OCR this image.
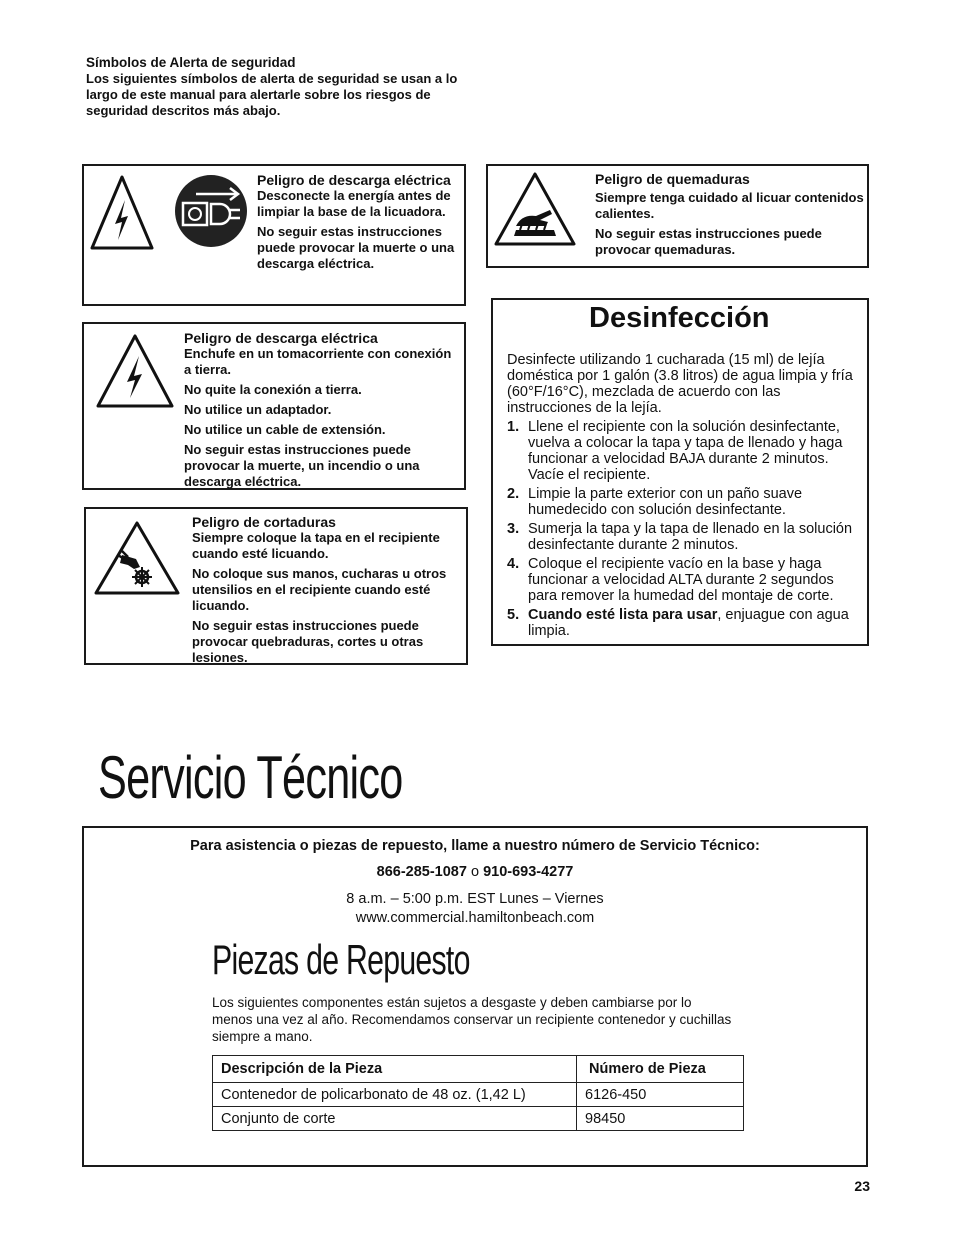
Símbolos de Alerta de seguridad
Los siguientes símbolos de alerta de seguridad se usan a lo largo de este manual para alertarle sobre los riesgos de seguridad descritos más abajo.

Peligro de descarga eléctrica

Desconecte la energía antes de limpiar la base de la licuadora.

No seguir estas instrucciones puede provocar la muerte o una descarga eléctrica.

Peligro de quemaduras

Siempre tenga cuidado al licuar contenidos calientes.

No seguir estas instrucciones puede provocar quemaduras.

Peligro de descarga eléctrica

Enchufe en un tomacorriente con conexión a tierra.

No quite la conexión a tierra.

No utilice un adaptador.

No utilice un cable de extensión.

No seguir estas instrucciones puede provocar la muerte, un incendio o una descarga eléctrica.

Peligro de cortaduras

Siempre coloque la tapa en el recipiente cuando esté licuando.

No coloque sus manos, cucharas u otros utensilios en el recipiente cuando esté licuando.

No seguir estas instrucciones puede provocar quebraduras, cortes u otras lesiones.

Desinfección

Desinfecte utilizando 1 cucharada (15 ml) de lejía doméstica por 1 galón (3.8 litros) de agua limpia y fría (60°F/16°C), mezclada de acuerdo con las instrucciones de la lejía.

1. Llene el recipiente con la solución desinfectante, vuelva a colocar la tapa y tapa de llenado y haga funcionar a velocidad BAJA durante 2 minutos. Vacíe el recipiente.
2. Limpie la parte exterior con un paño suave humedecido con solución desinfectante.
3. Sumerja la tapa y la tapa de llenado en la solución desinfectante durante 2 minutos.
4. Coloque el recipiente vacío en la base y haga funcionar a velocidad ALTA durante 2 segundos para remover la humedad del montaje de corte.
5. Cuando esté lista para usar, enjuague con agua limpia.
Servicio Técnico
Para asistencia o piezas de repuesto, llame a nuestro número de Servicio Técnico:
866-285-1087 o 910-693-4277
8 a.m. – 5:00 p.m. EST Lunes – Viernes
www.commercial.hamiltonbeach.com
Piezas de Repuesto
Los siguientes componentes están sujetos a desgaste y deben cambiarse por lo menos una vez al año. Recomendamos conservar un recipiente contenedor y cuchillas siempre a mano.
Descripción de la Pieza	Número de Pieza
Contenedor de policarbonato de 48 oz. (1,42 L)	6126-450
Conjunto de corte	98450
23
